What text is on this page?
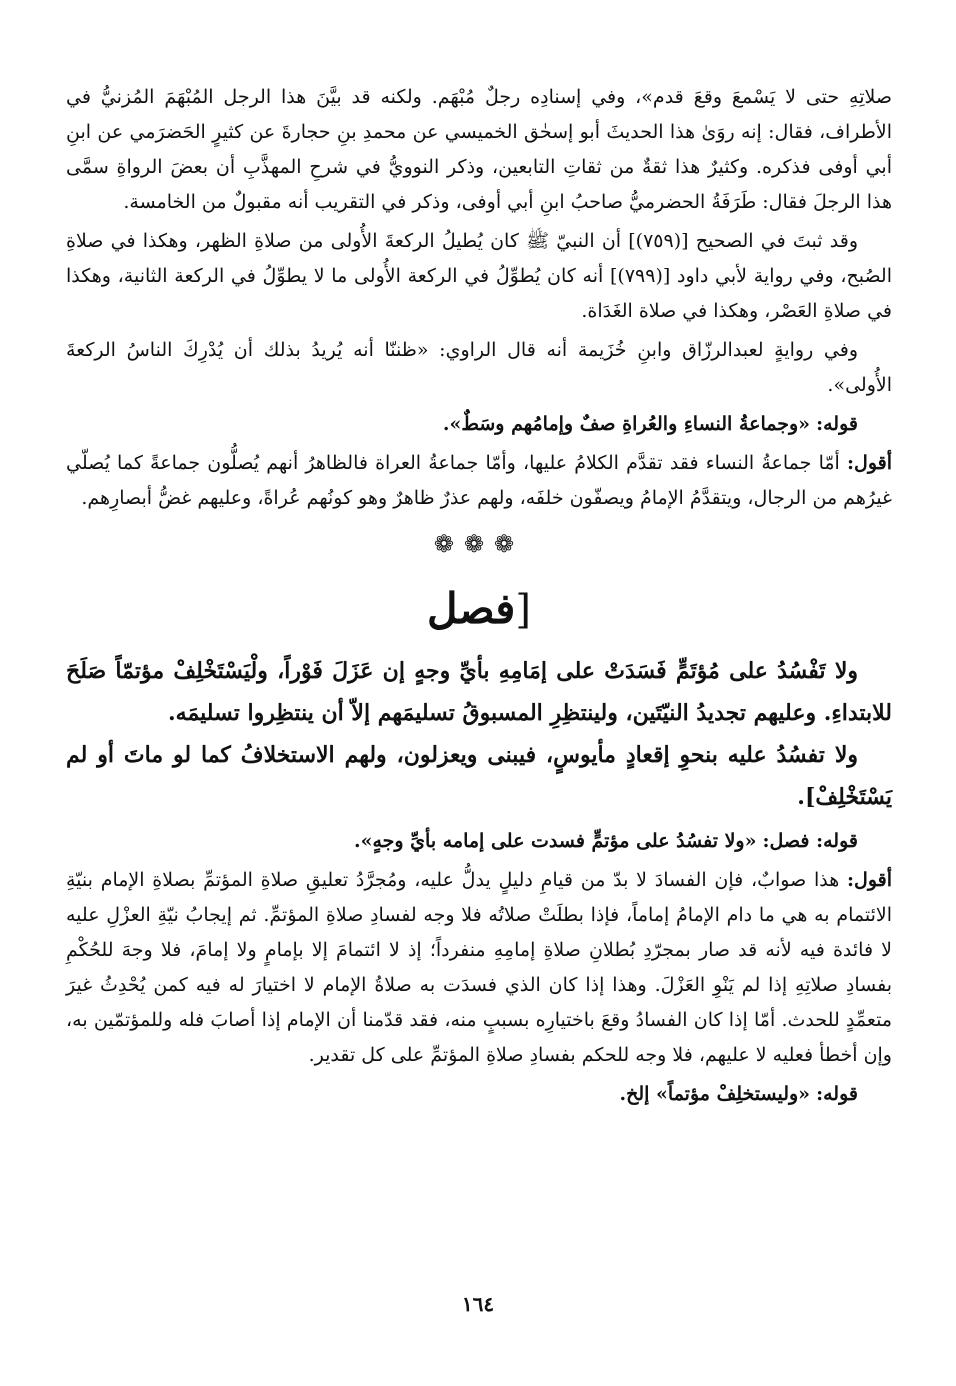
صلاتِهِ حتى لا يَسْمعَ وقعَ قدم»، وفي إسنادِه رجلٌ مُبْهَم. ولكنه قد بيَّنَ هذا الرجل المُبْهَمَ المُزنيُّ في الأطراف، فقال: إنه روَىٰ هذا الحديثَ أبو إسحٰق الخميسي عن محمدِ بنِ حجارةَ عن كثيرٍ الحَضرَمي عن ابنِ أبي أوفى فذكره. وكثيرٌ هذا ثقةٌ من ثقاتِ التابعين، وذكر النوويُّ في شرحِ المهذَّبِ أن بعضَ الرواةِ سمَّى هذا الرجلَ فقال: طَرَفَةُ الحضرميُّ صاحبُ ابنِ أبي أوفى، وذكر في التقريب أنه مقبولٌ من الخامسة.

وقد ثبتَ في الصحيح [(٧٥٩)] أن النبيّ ﷺ كان يُطيلُ الركعةَ الأُولى من صلاةِ الظهر، وهكذا في صلاةِ الصُبح، وفي رواية لأبي داود [(٧٩٩)] أنه كان يُطوِّلُ في الركعة الأُولى ما لا يطوِّلُ في الركعة الثانية، وهكذا في صلاةِ العَصْر، وهكذا في صلاة الغَدَاة.

وفي روايةٍ لعبدالرزّاق وابنِ خُزَيمة أنه قال الراوي: «ظننّا أنه يُريدُ بذلك أن يُدْرِكَ الناسُ الركعةَ الأُولى».

قوله: «وجماعةُ النساءِ والعُراةِ صفٌ وإمامُهم وسَطٌ».

أقول: أمّا جماعةُ النساء فقد تقدَّم الكلامُ عليها، وأمّا جماعةُ العراة فالظاهرُ أنهم يُصلُّون جماعةً كما يُصلّي غيرُهم من الرجال، ويتقدَّمُ الإمامُ ويصفّون خلفَه، ولهم عذرٌ ظاهرٌ وهو كونُهم عُراةً، وعليهم غضُّ أبصارِهم.

❁❁❁
[فصل

ولا تَفْسُدُ على مُؤتَمٍّ فَسَدَتْ على إمَامِهِ بأيِّ وجهٍ إن عَزَلَ فَوْراً، ولْيَسْتَخْلِفْ مؤتمّاً صَلَحَ للابتداءِ. وعليهم تجديدُ النيّتَين، ولينتظِرِ المسبوقُ تسليمَهم إلاّ أن ينتظِروا تسليمَه.

ولا تفسُدُ عليه بنحوِ إقعادٍ مأيوسٍ، فيبنى ويعزلون، ولهم الاستخلافُ كما لو ماتَ أو لم يَسْتَخْلِفْ].

قوله: فصل: «ولا تفسُدُ على مؤتمٍّ فسدت على إمامه بأيِّ وجهٍ».

أقول: هذا صوابٌ، فإن الفسادَ لا بدّ من قيامِ دليلٍ يدلُّ عليه، ومُجرَّدُ تعليقِ صلاةِ المؤتمِّ بصلاةِ الإمام بنيّةِ الائتمام به هي ما دام الإمامُ إماماً، فإذا بطلَتْ صلاتُه فلا وجه لفسادِ صلاةِ المؤتمِّ. ثم إيجابُ نيّةِ العزْلِ عليه لا فائدة فيه لأنه قد صار بمجرّدِ بُطلانِ صلاةِ إمامِهِ منفرداً؛ إذ لا ائتمامَ إلا بإمامٍ ولا إمامَ، فلا وجهَ للحُكْمِ بفسادِ صلاتِهِ إذا لم يَنْوِ العَزْلَ. وهذا إذا كان الذي فسدَت به صلاةُ الإمام لا اختيارَ له فيه كمن يُحْدِثُ غيرَ متعمِّدٍ للحدث. أمّا إذا كان الفسادُ وقعَ باختيارِه بسببٍ منه، فقد قدّمنا أن الإمام إذا أصابَ فله وللمؤتمّين به، وإن أخطأ فعليه لا عليهم، فلا وجه للحكم بفسادِ صلاةِ المؤتمِّ على كل تقدير.

قوله: «وليستخلِفْ مؤتماً» إلخ.

١٦٤
